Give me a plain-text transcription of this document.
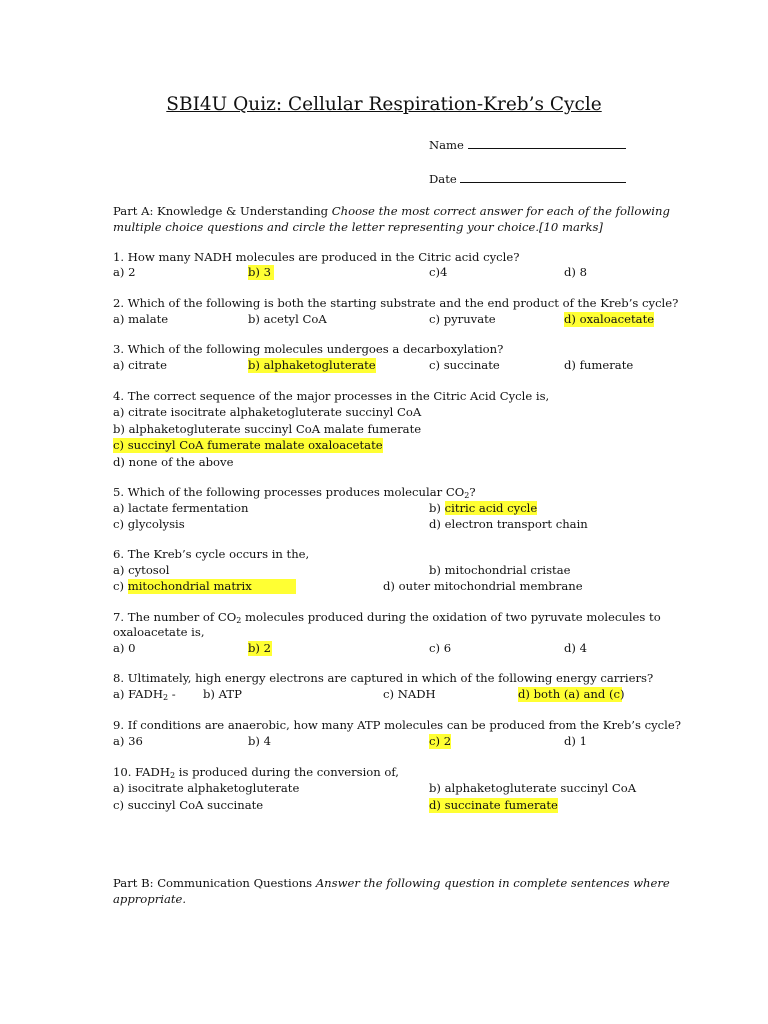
SBI4U Quiz: Cellular Respiration-Kreb’s Cycle
Name
Date
Part A: Knowledge & Understanding Choose the most correct answer for each of the following
multiple choice questions and circle the letter representing your choice.[10 marks]
1. How many NADH molecules are produced in the Citric acid cycle?
a) 2	b) 3	c)4	d) 8
2. Which of the following is both the starting substrate and the end product of the Kreb’s cycle?
a) malate	b) acetyl CoA	c) pyruvate	d) oxaloacetate
3. Which of the following molecules undergoes a decarboxylation?
a) citrate	b) alphaketogluterate	c) succinate	d) fumerate
4. The correct sequence of the major processes in the Citric Acid Cycle is,
a) citrate isocitrate alphaketogluterate succinyl CoA
b) alphaketogluterate succinyl CoA malate fumerate
c) succinyl CoA fumerate malate oxaloacetate
d) none of the above
5. Which of the following processes produces molecular $CO_2$?
a) lactate fermentation	b) citric acid cycle
c) glycolysis	d) electron transport chain
6. The Kreb’s cycle occurs in the,
a) cytosol	b) mitochondrial cristae
c) mitochondrial matrix	d) outer mitochondrial membrane
7. The number of $CO_2$ molecules produced during the oxidation of two pyruvate molecules to
oxaloacetate is,
a) 0	b) 2	c) 6	d) 4
8. Ultimately, high energy electrons are captured in which of the following energy carriers?
a) $FADH_2 - b$) ATP	c) NADH	d) both (a) and (c)
9. If conditions are anaerobic, how many ATP molecules can be produced from the Kreb’s cycle?
a) 36	b) 4	c) 2	d) 1
10. $FADH_2$ is produced during the conversion of,
a) isocitrate alphaketogluterate	b) alphaketogluterate succinyl CoA
c) succinyl CoA succinate	d) succinate fumerate
Part B: Communication Questions Answer the following question in complete sentences where
appropriate.
